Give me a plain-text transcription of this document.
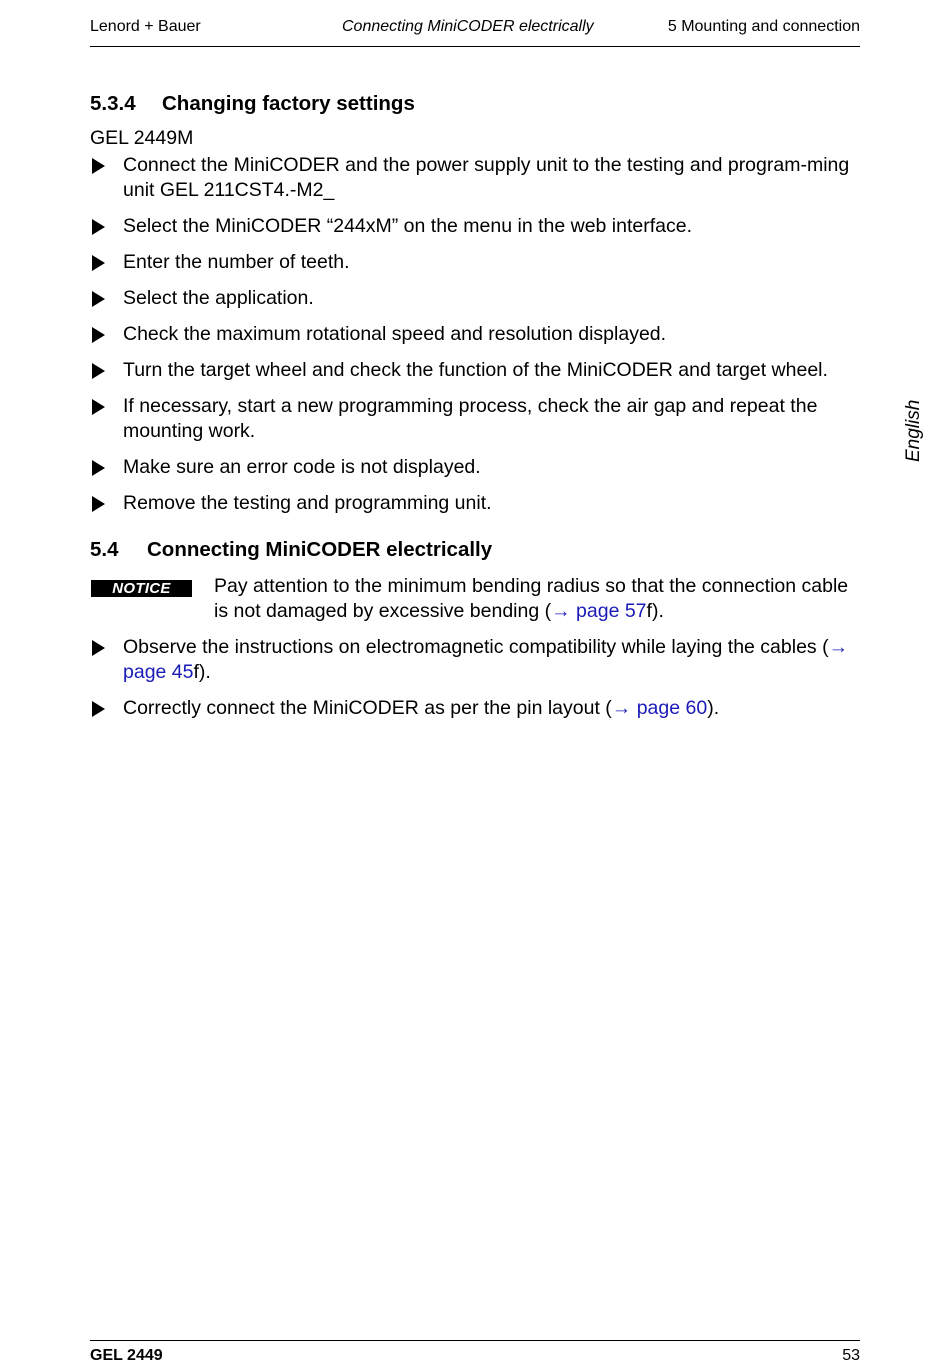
Lenord + Bauer	Connecting MiniCODER electrically	5 Mounting and connection
English
5.3.4 Changing factory settings

GEL 2449M

Connect the MiniCODER and the power supply unit to the testing and program-ming unit GEL 211CST4‮‏_2M-.
Select the MiniCODER “244xM” on the menu in the web interface.
Enter the number of teeth.
Select the application.
Check the maximum rotational speed and resolution displayed.
Turn the target wheel and check the function of the MiniCODER and target wheel.
If necessary, start a new programming process, check the air gap and repeat the mounting work.
Make sure an error code is not displayed.
Remove the testing and programming unit.
5.4 Connecting MiniCODER electrically
NOTICE	Pay attention to the minimum bending radius so that the connection cable is not damaged by excessive bending (→ page 57f).
Observe the instructions on electromagnetic compatibility while laying the cables (→ page 45f).
Correctly connect the MiniCODER as per the pin layout (→ page 60).
GEL 2449	53
